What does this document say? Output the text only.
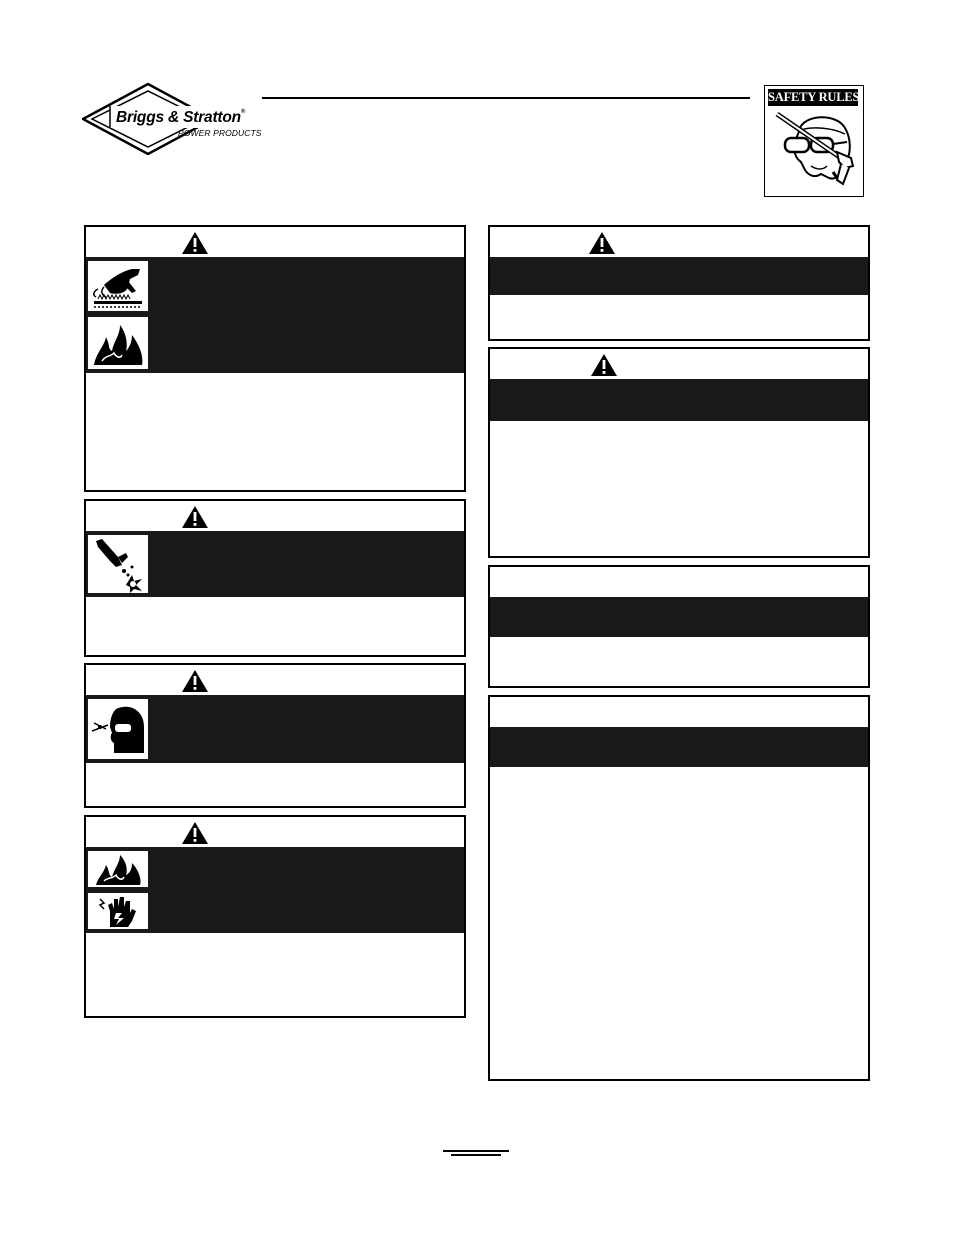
Briggs & Stratton®
POWER PRODUCTS
SAFETY RULES
